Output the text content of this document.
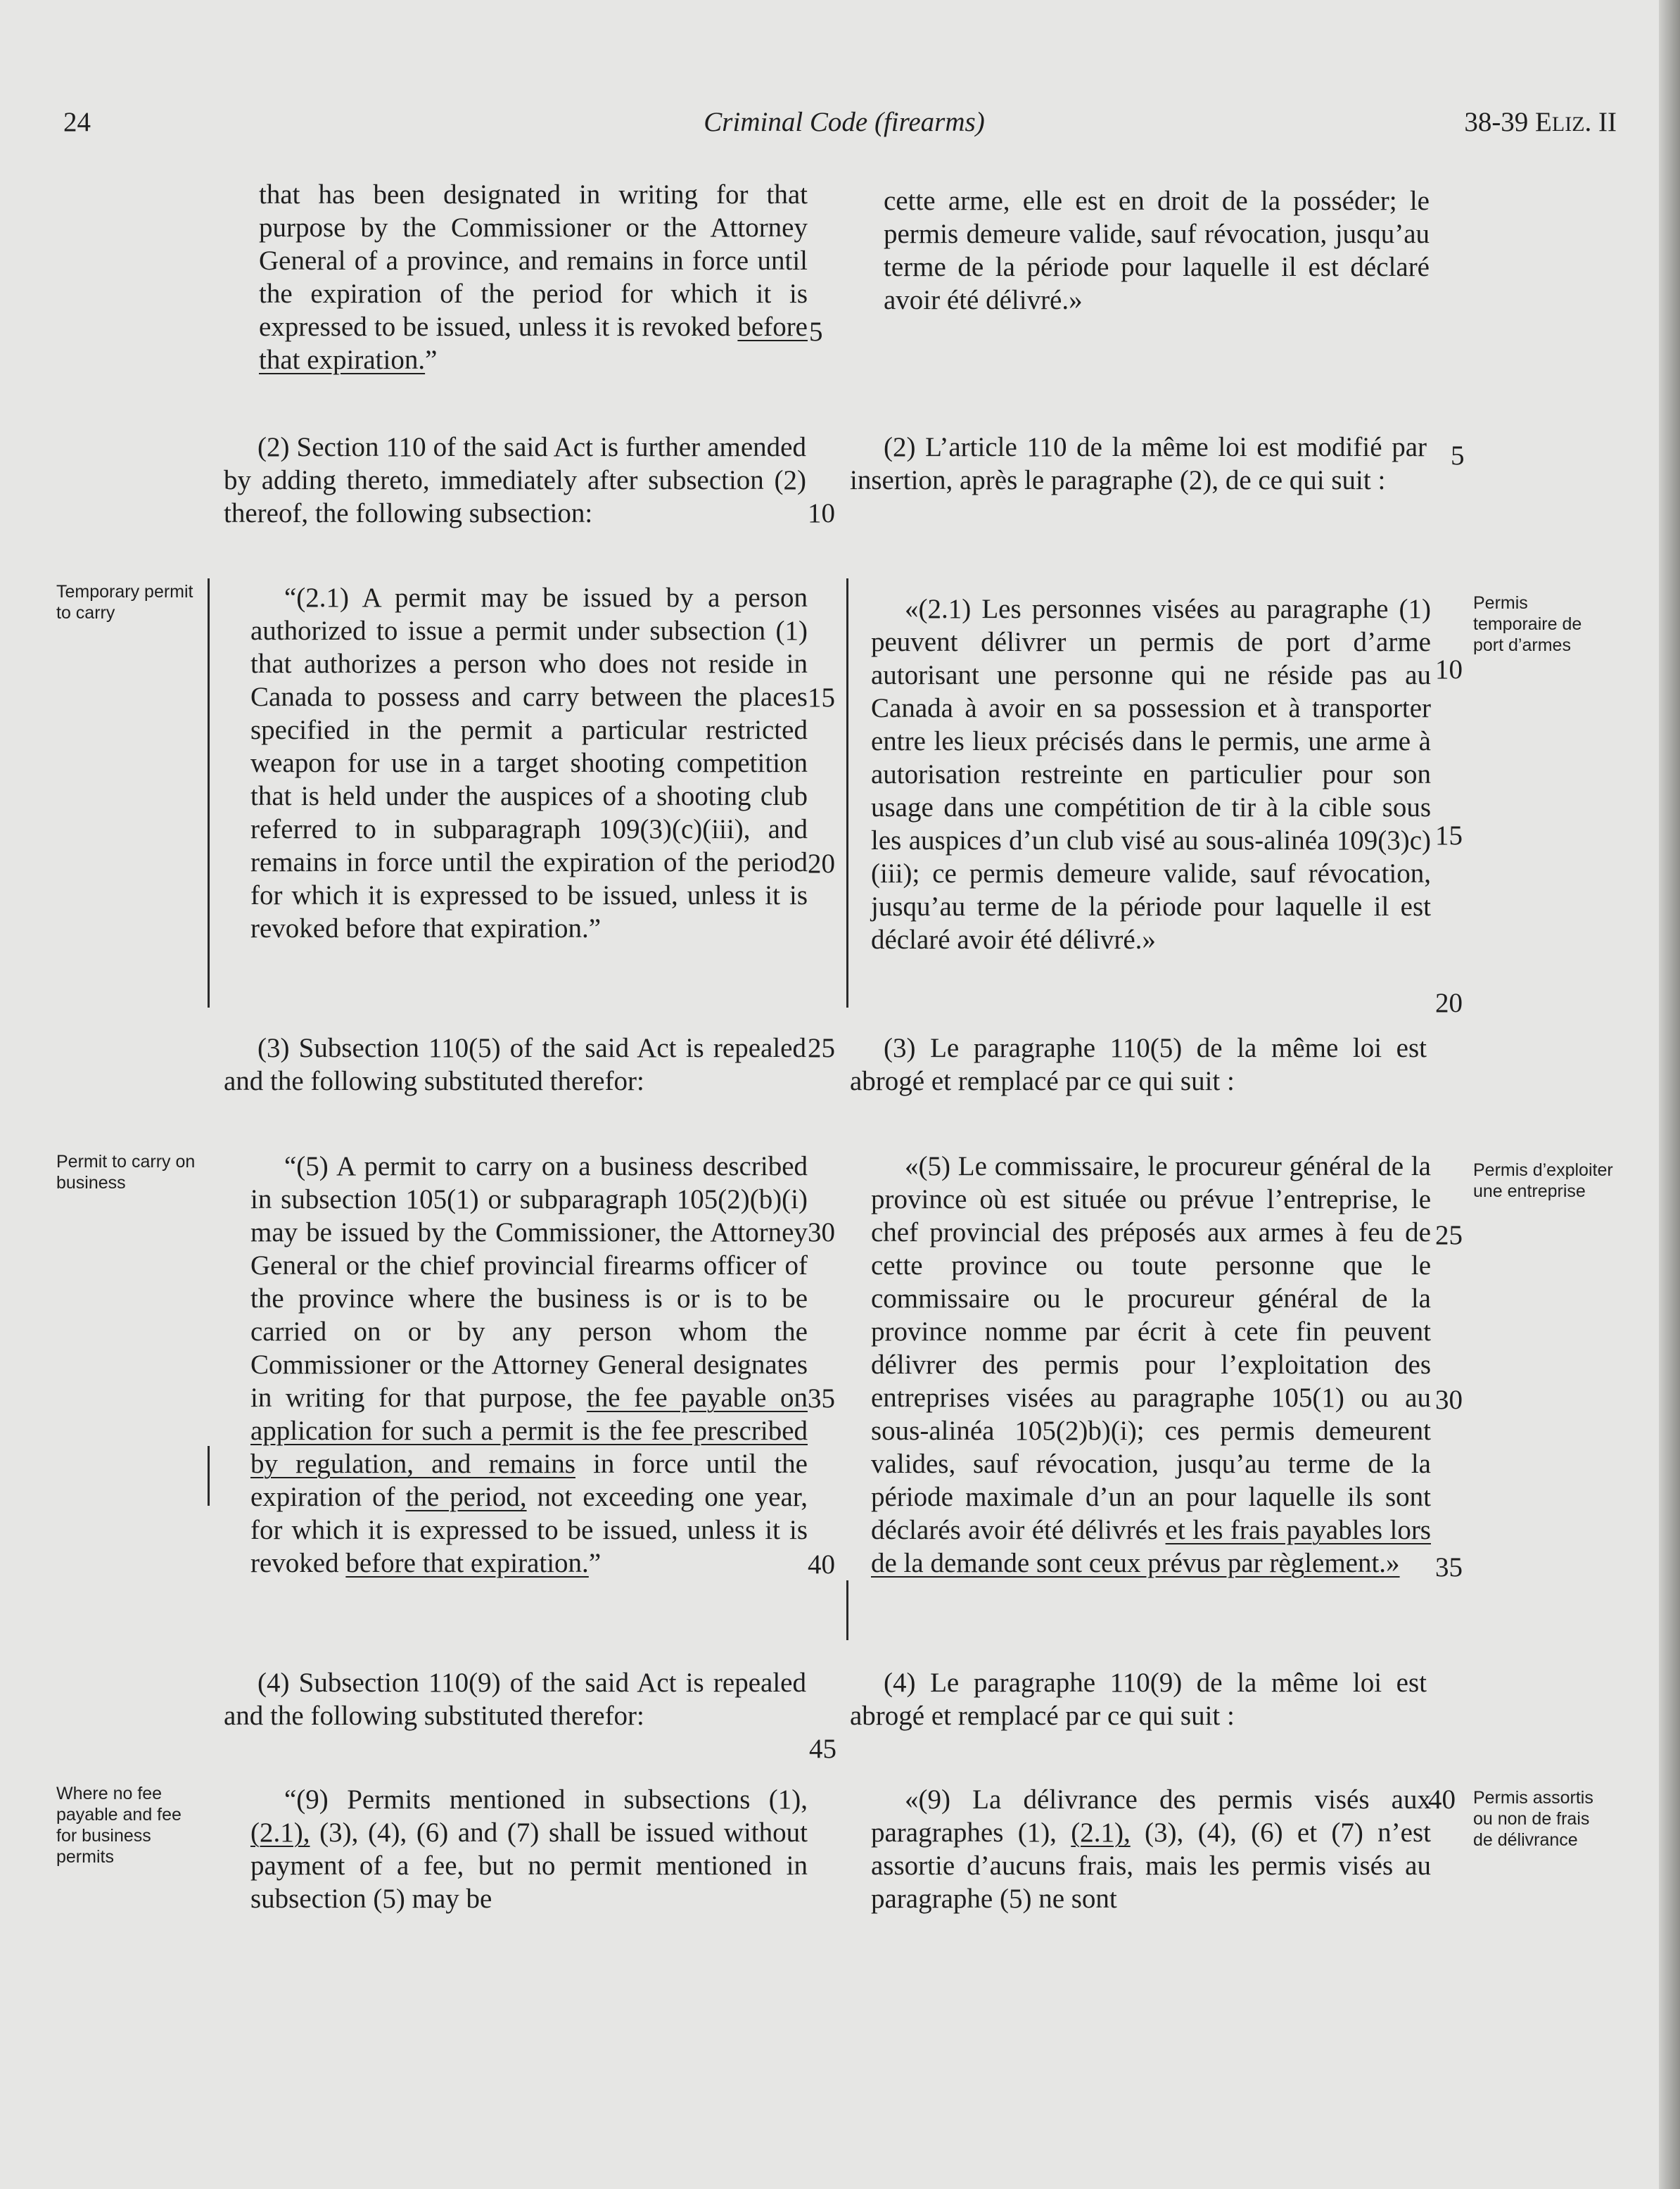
24	Criminal Code (firearms)	38-39 ELIZ. II
Temporary permit to carry
Permit to carry on business
Where no fee payable and fee for business permits
Permis temporaire de port d’armes
Permis d’exploiter une entreprise
Permis assortis ou non de frais de délivrance

that has been designated in writing for that purpose by the Commissioner or the Attorney General of a province, and remains in force until the expiration of the period for which it is expressed to be issued, unless it is revoked before that expiration.”

(2) Section 110 of the said Act is further amended by adding thereto, immediately after subsection (2) thereof, the following subsection:

“(2.1) A permit may be issued by a person authorized to issue a permit under subsection (1) that authorizes a person who does not reside in Canada to possess and carry between the places specified in the permit a particular restricted weapon for use in a target shooting competition that is held under the auspices of a shooting club referred to in subparagraph 109(3)(c)(iii), and remains in force until the expiration of the period for which it is expressed to be issued, unless it is revoked before that expiration.”

(3) Subsection 110(5) of the said Act is repealed and the following substituted therefor:

“(5) A permit to carry on a business described in subsection 105(1) or subparagraph 105(2)(b)(i) may be issued by the Commissioner, the Attorney General or the chief provincial firearms officer of the province where the business is or is to be carried on or by any person whom the Commissioner or the Attorney General designates in writing for that purpose, the fee payable on application for such a permit is the fee prescribed by regulation, and remains in force until the expiration of the period, not exceeding one year, for which it is expressed to be issued, unless it is revoked before that expiration.”

(4) Subsection 110(9) of the said Act is repealed and the following substituted therefor:

“(9) Permits mentioned in subsections (1), (2.1), (3), (4), (6) and (7) shall be issued without payment of a fee, but no permit mentioned in subsection (5) may be

5
10
15
20
25
30
35
40
45

cette arme, elle est en droit de la posséder; le permis demeure valide, sauf révocation, jusqu’au terme de la période pour laquelle il est déclaré avoir été délivré.»

(2) L’article 110 de la même loi est modifié par insertion, après le paragraphe (2), de ce qui suit :

«(2.1) Les personnes visées au paragraphe (1) peuvent délivrer un permis de port d’arme autorisant une personne qui ne réside pas au Canada à avoir en sa possession et à transporter entre les lieux précisés dans le permis, une arme à autorisation restreinte en particulier pour son usage dans une compétition de tir à la cible sous les auspices d’un club visé au sous-alinéa 109(3)c)(iii); ce permis demeure valide, sauf révocation, jusqu’au terme de la période pour laquelle il est déclaré avoir été délivré.»

(3) Le paragraphe 110(5) de la même loi est abrogé et remplacé par ce qui suit :

«(5) Le commissaire, le procureur général de la province où est située ou prévue l’entreprise, le chef provincial des préposés aux armes à feu de cette province ou toute personne que le commissaire ou le procureur général de la province nomme par écrit à cete fin peuvent délivrer des permis pour l’exploitation des entreprises visées au paragraphe 105(1) ou au sous-alinéa 105(2)b)(i); ces permis demeurent valides, sauf révocation, jusqu’au terme de la période maximale d’un an pour laquelle ils sont déclarés avoir été délivrés et les frais payables lors de la demande sont ceux prévus par règlement.»

(4) Le paragraphe 110(9) de la même loi est abrogé et remplacé par ce qui suit :

«(9) La délivrance des permis visés aux paragraphes (1), (2.1), (3), (4), (6) et (7) n’est assortie d’aucuns frais, mais les permis visés au paragraphe (5) ne sont

5
10
15
20
25
30
35
40
